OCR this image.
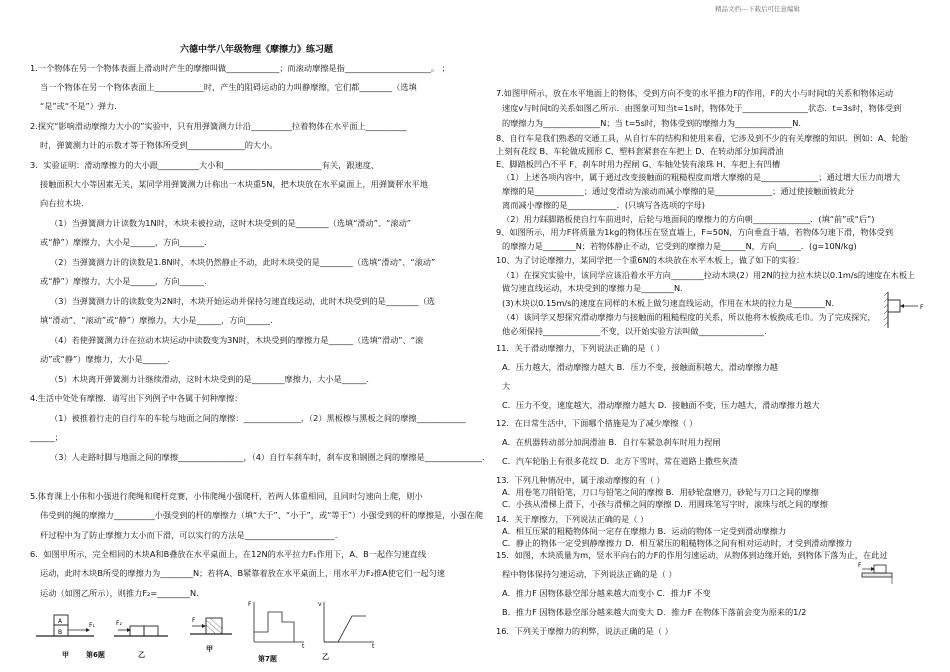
精品文档---下载后可任意编辑
六德中学八年级物理《摩擦力》练习题
1.一个物体在另一个物体表面上滑动时产生的摩擦叫做_____________；而滚动摩擦是指_____________________。 ；
当一个物体在另一个物体表面上____________时，产生的阻碍运动的力叫静摩擦，它们都________（选填
“是”或“不是”）弹力.
2.探究“影响滑动摩擦力大小的”实验中，只有用弹簧测力计沿__________拉着物体在水平面上__________
时，弹簧测力计的示数才等于物体所受到______________的大小。
3．实验证明：滑动摩擦力的大小跟__________大小和________________________有关，跟速度、
接触面积大小等因素无关，某同学用弹簧测力计称出一木块重5N，把木块放在水平桌面上，用弹簧秤水平地
向右拉木块.
（1）当弹簧测力计读数为1N时，木块未被拉动，这时木块受到的是________（选填“滑动”、“滚动”
或“静”）摩擦力，大小是______，方向______.
（2）当弹簧测力计的读数是1.8N时，木块仍然静止不动，此时木块受的是________（选填“滑动”、“滚动”
或“静”）摩擦力，大小是______，方向______.
（3）当弹簧测力计的读数变为2N时，木块开始运动并保持匀速直线运动，此时木块受到的是________（选
填“滑动”、“滚动”或“静”）摩擦力，大小是______，方向______.
（4）若使弹簧测力计在拉动木块运动中读数变为3N时，木块受到的摩擦力是______（选填“滑动”、“滚
动”或“静”）摩擦力，大小是______.
（5）木块离开弹簧测力计继续滑动，这时木块受到的是________摩擦力，大小是______.
4.生活中处处有摩擦．请写出下列例子中各属于何种摩擦：
（1）被推着行走的自行车的车轮与地面之间的摩擦：______________，（2）黑板檫与黑板之间的摩擦____________
______；
（3）人走路时脚与地面之间的摩擦________________，（4）自行车刹车时，刹车皮和钢圈之间的摩擦是______________．
5.体育课上小伟和小强进行爬绳和爬杆竞赛，小伟爬绳小强爬杆，若两人体重相同，且同时匀速向上爬，则小
伟受到的绳的摩擦力__________小强受到的杆的摩擦力（填“大于”、“小于”，或“等于”）小强受到的杆的摩擦是，小强在爬
杆过程中为了防止摩擦力太小而下滑，可以实行的方法是______________________.
6．如图甲所示，完全相同的木块A和B叠放在水平桌面上，在12N的水平拉力F₁作用下，A、B一起作匀速直线
运动，此时木块B所受的摩擦力为________N；若将A、B紧靠着放在水平桌面上，用水平力F₂推A使它们一起匀速
运动（如图乙所示），则推力F₂=________N.
7.如图甲所示，放在水平地面上的物体，受到方向不变的水平推力F的作用，F的大小与时间t的关系和物体运动
速度v与时间t的关系如图乙所示．由图象可知当t=1s时，物体处于________________状态．t=3s时，物体受到
的摩擦力为______________N；当 t=5s时，物体受到的摩擦力为______________N.
8、自行车是我们熟悉的交通工具，从自行车的结构和使用来看，它涉及到不少的有关摩擦的知识．例如：A、轮胎
上刻有花纹 B、车轮做成圆形 C、塑料套紧套在车把上 D、在转动部分加润滑油
E、脚踏板凹凸不平 F、刹车时用力捏闸 G、车轴处装有滚珠 H、车把上有凹槽
（1）上述各项内容中，属于通过改变接触面的粗糙程度而增大摩擦的是______________；通过增大压力而增大
摩擦的是____________；通过变滑动为滚动而减小摩擦的是______________；通过使接触面彼此分
离而减小摩擦的是____________．(只填写各选项的字母)
（2）用力踩脚踏板使自行车前进时，后轮与地面间的摩擦力的方向朝______________．(填“前”或“后”)
9、如图所示，用力F将质量为1kg的物体压在竖直墙上，F=50N，方向垂直于墙，若物体匀速下滑，物体受到
的摩擦力是________N；若物体静止不动，它受到的摩擦力是______N，方向______．(g=10N/kg)
10、为了讨论摩擦力，某同学把一个重6N的木块放在水平木板上，做了如下的实验：
（1）在探究实验中，该同学应该沿着水平方向________拉动木块(2）用2N的拉力拉木块以0.1m/s的速度在木板上
做匀速直线运动，木块受到的摩擦力是________N.
(3)木块以0.15m/s的速度在同样的木板上做匀速直线运动，作用在木块的拉力是________N.
（4）该同学又想探究滑动摩擦力与接触面的粗糙程度的关系，所以他将木板换成毛巾。为了完成探究，
他必须保持______________不变，以开始实验方法叫做________________.
11．关于滑动摩擦力，下列说法正确的是（ ）
A．压力越大，滑动摩擦力越大 B．压力不变，接触面积越大，滑动摩擦力越
大
C．压力不变，速度越大，滑动摩擦力越大 D．接触面不变，压力越大，滑动摩擦力越大
12．在日常生活中，下面哪个措施是为了减少摩擦（ ）
A．在机器转动部分加润滑油 B．自行车紧急刹车时用力捏闸
C．汽车轮胎上有很多花纹 D．北方下雪时，常在道路上撒些灰渣
13．下列几种情况中，属于滚动摩擦的有（ ）
A．用卷笔刀削铅笔，刀口与铅笔之间的摩擦 B．用砂轮盘磨刀，砂轮与刀口之间的摩擦
C．小孩从滑梯上滑下，小孩与滑梯之间的摩擦 D．用圆珠笔写字时，滚珠与纸之间的摩擦
14．关于摩擦力，下列说法正确的是（ ）
A．相互压紧的粗糙物体间一定存在摩擦力 B．运动的物体一定受到滑动摩擦力
C．静止的物体一定受到静摩擦力 D．相互紧压的粗糙物体之间有相对运动时，才受到滑动摩擦力
15．如图，木块质量为m，竖水平向右的力F的作用匀速运动，从物体到边缘开始，到物体下落为止，在此过
程中物体保持匀速运动，下列说法正确的是（ ）
A．推力F 因物体悬空部分越来越大而变小 C．推力F 不变
B．推力F 因物体悬空部分越来越大而变大 D．推力F 在物体下落前会变为原来的1/2
16．下列关于摩擦力的利弊，说法正确的是（ ）
A
B
F₁
甲 第6题
F₂
乙
F
甲
F
t
第7题
v
t
乙
F
F
